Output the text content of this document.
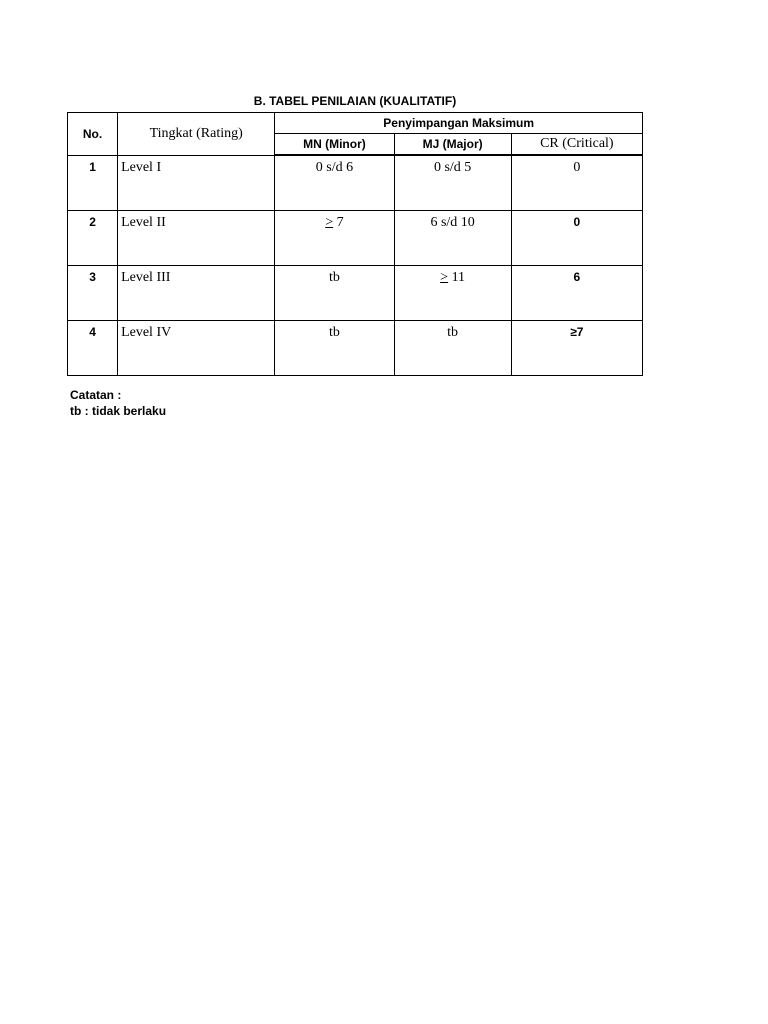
B. TABEL PENILAIAN (KUALITATIF)
No.	Tingkat (Rating)	Penyimpangan Maksimum		
		MN (Minor)	MJ (Major)	CR (Critical)
1	Level I	0 s/d 6	0 s/d 5	0
2	Level II	≥ 7	6 s/d 10	0
3	Level III	tb	≥ 11	6
4	Level IV	tb	tb	≥7
Catatan :
tb : tidak berlaku
